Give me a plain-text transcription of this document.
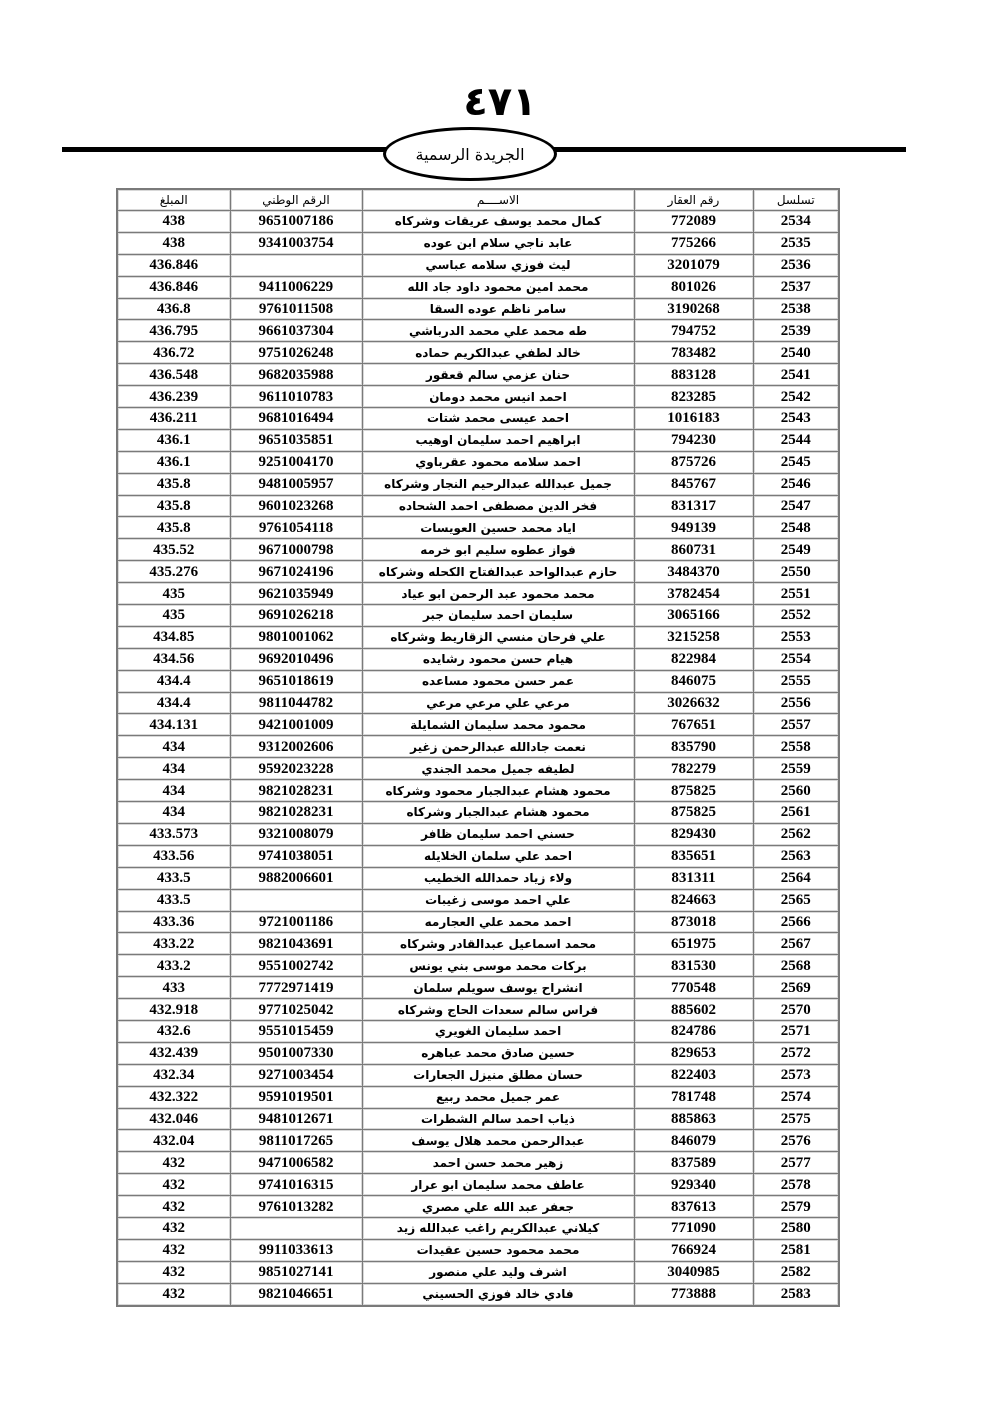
٤٧١
الجريدة الرسمية
تسلسل	رقم العقار	الاســــم	الرقم الوطني	المبلغ
2534	772089	كمال محمد يوسف عريقات وشركاه	9651007186	438
2535	775266	عابد ناجي سلام ابن عوده	9341003754	438
2536	3201079	ليث فوزي سلامه عباسي		436.846
2537	801026	محمد امين محمود داود جاد الله	9411006229	436.846
2538	3190268	سامر ناظم عوده السقا	9761011508	436.8
2539	794752	طه محمد علي محمد الدرباشي	9661037304	436.795
2540	783482	خالد لطفي عبدالكريم حماده	9751026248	436.72
2541	883128	حنان عزمي سالم قعقور	9682035988	436.548
2542	823285	احمد انيس محمد دومان	9611010783	436.239
2543	1016183	احمد عيسى محمد شتات	9681016494	436.211
2544	794230	ابراهيم احمد سليمان اوهيب	9651035851	436.1
2545	875726	احمد سلامه محمود عقرباوي	9251004170	436.1
2546	845767	جميل عبدالله عبدالرحيم النجار وشركاه	9481005957	435.8
2547	831317	فخر الدين مصطفى احمد الشحاده	9601023268	435.8
2548	949139	اياد محمد حسين العويسات	9761054118	435.8
2549	860731	فواز عطوه سليم ابو خرمه	9671000798	435.52
2550	3484370	حازم عبدالواحد عبدالفتاح الكحله وشركاه	9671024196	435.276
2551	3782454	محمد محمود عبد الرحمن ابو عياد	9621035949	435
2552	3065166	سليمان احمد سليمان جبر	9691026218	435
2553	3215258	علي فرحان منسي الزقاريط وشركاه	9801001062	434.85
2554	822984	هيام حسن محمود رشايده	9692010496	434.56
2555	846075	عمر حسن محمود مساعده	9651018619	434.4
2556	3026632	مرعي علي مرعي مرعي	9811044782	434.4
2557	767651	محمود محمد سليمان الشمايلة	9421001009	434.131
2558	835790	نعمت جادالله عبدالرحمن زغير	9312002606	434
2559	782279	لطيفه جميل محمد الجندي	9592023228	434
2560	875825	محمود هشام عبدالجبار محمود وشركاه	9821028231	434
2561	875825	محمود هشام عبدالجبار وشركاه	9821028231	434
2562	829430	حسني احمد سليمان ظافر	9321008079	433.573
2563	835651	احمد علي سلمان الخلايله	9741038051	433.56
2564	831311	ولاء زياد حمدالله الخطيب	9882006601	433.5
2565	824663	علي احمد موسى زغيبات		433.5
2566	873018	احمد محمد علي العجارمه	9721001186	433.36
2567	651975	محمد اسماعيل عبدالقادر وشركاه	9821043691	433.22
2568	831530	بركات محمد موسى بني يونس	9551002742	433.2
2569	770548	انشراح يوسف سويلم سلمان	7772971419	433
2570	885602	فراس سالم سعدات الحاج وشركاه	9771025042	432.918
2571	824786	احمد سليمان الغويري	9551015459	432.6
2572	829653	حسين صادق محمد عباهره	9501007330	432.439
2573	822403	حسان مطلق منيزل الجعارات	9271003454	432.34
2574	781748	عمر جميل محمد ربيع	9591019501	432.322
2575	885863	ذياب احمد سالم الشطرات	9481012671	432.046
2576	846079	عبدالرحمن محمد هلال يوسف	9811017265	432.04
2577	837589	زهير محمد حسن احمد	9471006582	432
2578	929340	عاطف محمد سليمان ابو عرار	9741016315	432
2579	837613	جعفر عبد الله علي مصري	9761013282	432
2580	771090	كيلاني عبدالكريم راغب عبدالله زيد		432
2581	766924	محمد محمود حسين عقيدات	9911033613	432
2582	3040985	اشرف وليد علي منصور	9851027141	432
2583	773888	فادي خالد فوزي الحسيني	9821046651	432
